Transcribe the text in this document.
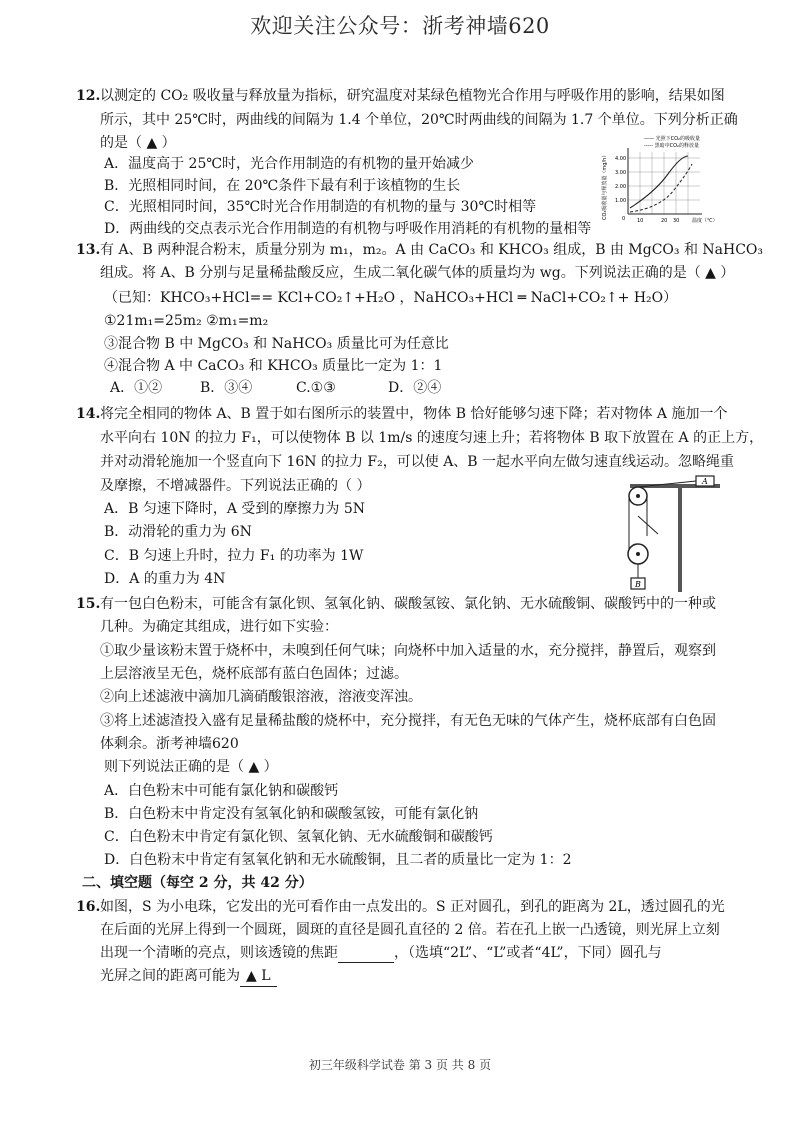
欢迎关注公众号：浙考神墙620
12. 以测定的 CO₂ 吸收量与释放量为指标，研究温度对某绿色植物光合作用与呼吸作用的影响，结果如图
所示，其中 25℃时，两曲线的间隔为 1.4 个单位，20℃时两曲线的间隔为 1.7 个单位。下列分析正确
的是（ ▲ ）
A．温度高于 25℃时，光合作用制造的有机物的量开始减少
B．光照相同时间，在 20℃条件下最有利于该植物的生长
C．光照相同时间，35℃时光合作用制造的有机物的量与 30℃时相等
D．两曲线的交点表示光合作用制造的有机物与呼吸作用消耗的有机物的量相等
—— 光照下CO₂的吸收量
----- 黑暗中CO₂的释放量
CO₂吸收量与释放量（mg/h） 4.00
3.00
2.00
1.00
0 10	20 30	温度（℃）
13. 有 A、B 两种混合粉末，质量分别为 m₁，m₂。A 由 CaCO₃ 和 KHCO₃ 组成，B 由 MgCO₃ 和 NaHCO₃
组成。将 A、B 分别与足量稀盐酸反应，生成二氧化碳气体的质量均为 wg。下列说法正确的是（ ▲ ）
（已知：KHCO₃+HCl== KCl+CO₂↑+H₂O ，NaHCO₃+HCl ═ NaCl+CO₂↑+ H₂O）
①21m₁=25m₂ ②m₁=m₂
③混合物 B 中 MgCO₃ 和 NaHCO₃ 质量比可为任意比
④混合物 A 中 CaCO₃ 和 KHCO₃ 质量比一定为 1：1
A．①②	B．③④	C.①③	D．②④
14. 将完全相同的物体 A、B 置于如右图所示的装置中，物体 B 恰好能够匀速下降；若对物体 A 施加一个
水平向右 10N 的拉力 F₁，可以使物体 B 以 1m/s 的速度匀速上升；若将物体 B 取下放置在 A 的正上方，
并对动滑轮施加一个竖直向下 16N 的拉力 F₂，可以使 A、B 一起水平向左做匀速直线运动。忽略绳重
及摩擦，不增减器件。下列说法正确的（ ）
A．B 匀速下降时，A 受到的摩擦力为 5N
B．动滑轮的重力为 6N
C．B 匀速上升时，拉力 F₁ 的功率为 1W
D．A 的重力为 4N
A
B
15. 有一包白色粉末，可能含有氯化钡、氢氧化钠、碳酸氢铵、氯化钠、无水硫酸铜、碳酸钙中的一种或
几种。为确定其组成，进行如下实验：
①取少量该粉末置于烧杯中，未嗅到任何气味；向烧杯中加入适量的水，充分搅拌，静置后，观察到
上层溶液呈无色，烧杯底部有蓝白色固体；过滤。
②向上述滤液中滴加几滴硝酸银溶液，溶液变浑浊。
③将上述滤渣投入盛有足量稀盐酸的烧杯中，充分搅拌，有无色无味的气体产生，烧杯底部有白色固
体剩余。浙考神墙620
则下列说法正确的是（ ▲ ）
A．白色粉末中可能有氯化钠和碳酸钙
B．白色粉末中肯定没有氢氧化钠和碳酸氢铵，可能有氯化钠
C．白色粉末中肯定有氯化钡、氢氧化钠、无水硫酸铜和碳酸钙
D．白色粉末中肯定有氢氧化钠和无水硫酸铜，且二者的质量比一定为 1：2
二、填空题（每空 2 分，共 42 分）
16. 如图，S 为小电珠，它发出的光可看作由一点发出的。S 正对圆孔，到孔的距离为 2L，透过圆孔的光
在后面的光屏上得到一个圆斑，圆斑的直径是圆孔直径的 2 倍。若在孔上嵌一凸透镜，则光屏上立刻
出现一个清晰的亮点，则该透镜的焦距	，（选填“2L”、“L”或者“4L”，下同）圆孔与
光屏之间的距离可能为 ▲ L
初三年级科学试卷 第 3 页 共 8 页
